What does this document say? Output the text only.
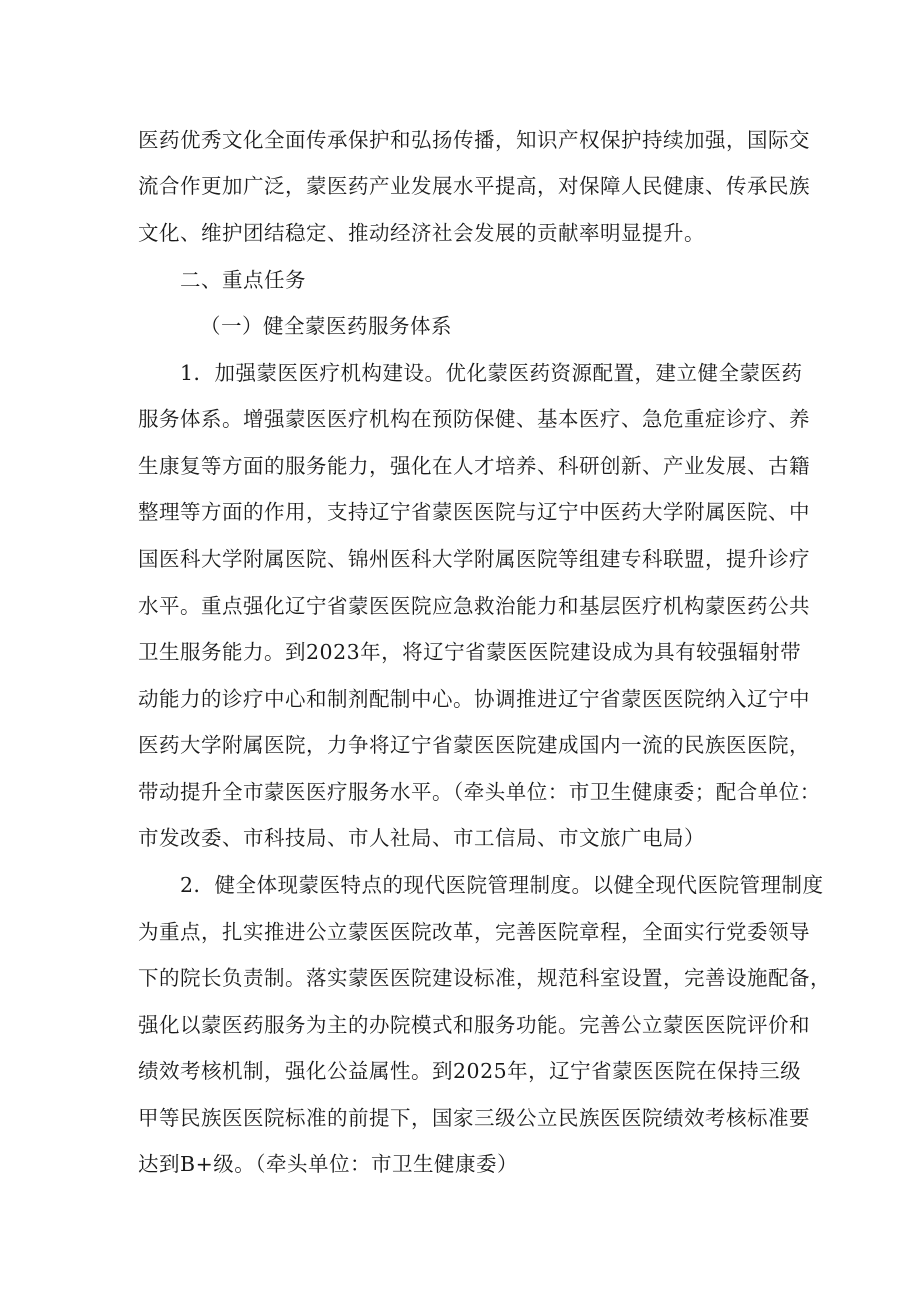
医药优秀文化全面传承保护和弘扬传播，知识产权保护持续加强，国际交
流合作更加广泛，蒙医药产业发展水平提高，对保障人民健康、传承民族
文化、维护团结稳定、推动经济社会发展的贡献率明显提升。
二、重点任务
（一）健全蒙医药服务体系
1．加强蒙医医疗机构建设。优化蒙医药资源配置，建立健全蒙医药
服务体系。增强蒙医医疗机构在预防保健、基本医疗、急危重症诊疗、养
生康复等方面的服务能力，强化在人才培养、科研创新、产业发展、古籍
整理等方面的作用，支持辽宁省蒙医医院与辽宁中医药大学附属医院、中
国医科大学附属医院、锦州医科大学附属医院等组建专科联盟，提升诊疗
水平。重点强化辽宁省蒙医医院应急救治能力和基层医疗机构蒙医药公共
卫生服务能力。到2023年，将辽宁省蒙医医院建设成为具有较强辐射带
动能力的诊疗中心和制剂配制中心。协调推进辽宁省蒙医医院纳入辽宁中
医药大学附属医院，力争将辽宁省蒙医医院建成国内一流的民族医医院，
带动提升全市蒙医医疗服务水平。（牵头单位：市卫生健康委；配合单位：
市发改委、市科技局、市人社局、市工信局、市文旅广电局）
2．健全体现蒙医特点的现代医院管理制度。以健全现代医院管理制度
为重点，扎实推进公立蒙医医院改革，完善医院章程，全面实行党委领导
下的院长负责制。落实蒙医医院建设标准，规范科室设置，完善设施配备，
强化以蒙医药服务为主的办院模式和服务功能。完善公立蒙医医院评价和
绩效考核机制，强化公益属性。到2025年，辽宁省蒙医医院在保持三级
甲等民族医医院标准的前提下，国家三级公立民族医医院绩效考核标准要
达到B+级。（牵头单位：市卫生健康委）
